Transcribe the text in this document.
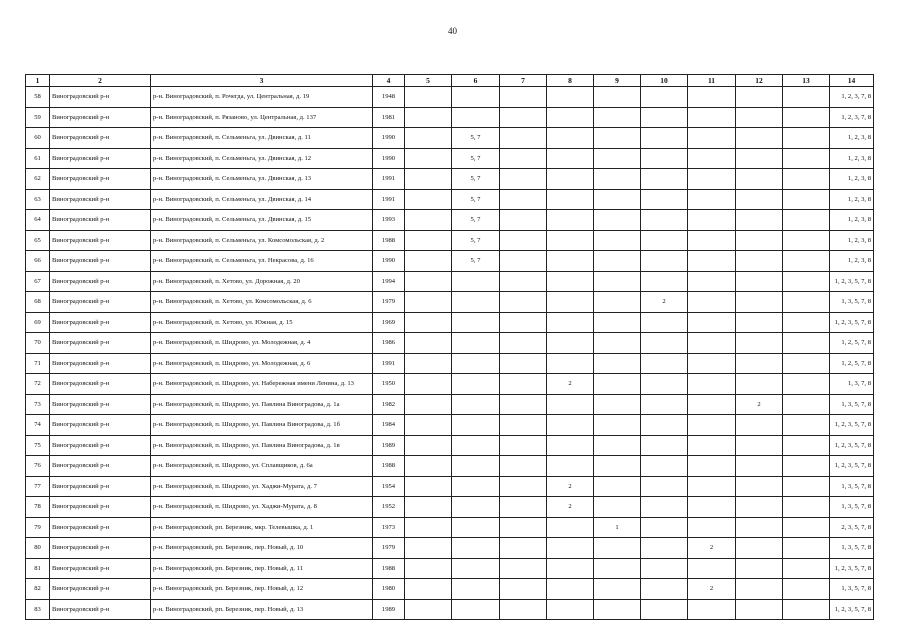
40
1	2	3	4	5	6	7	8	9	10	11	12	13	14
58	Виноградовский р-н	р-н. Виноградовский, п. Рочегда, ул. Центральная, д. 19	1948										1, 2, 3, 7, 8
59	Виноградовский р-н	р-н. Виноградовский, п. Рязаново, ул. Центральная, д. 137	1981										1, 2, 3, 7, 8
60	Виноградовский р-н	р-н. Виноградовский, п. Сельменьга, ул. Двинская, д. 11	1990		5, 7								1, 2, 3, 8
61	Виноградовский р-н	р-н. Виноградовский, п. Сельменьга, ул. Двинская, д. 12	1990		5, 7								1, 2, 3, 8
62	Виноградовский р-н	р-н. Виноградовский, п. Сельменьга, ул. Двинская, д. 13	1991		5, 7								1, 2, 3, 8
63	Виноградовский р-н	р-н. Виноградовский, п. Сельменьга, ул. Двинская, д. 14	1991		5, 7								1, 2, 3, 8
64	Виноградовский р-н	р-н. Виноградовский, п. Сельменьга, ул. Двинская, д. 15	1993		5, 7								1, 2, 3, 8
65	Виноградовский р-н	р-н. Виноградовский, п. Сельменьга, ул. Комсомольская, д. 2	1988		5, 7								1, 2, 3, 8
66	Виноградовский р-н	р-н. Виноградовский, п. Сельменьга, ул. Некрасова, д. 16	1990		5, 7								1, 2, 3, 8
67	Виноградовский р-н	р-н. Виноградовский, п. Хетово, ул. Дорожная, д. 20	1994										1, 2, 3, 5, 7, 8
68	Виноградовский р-н	р-н. Виноградовский, п. Хетово, ул. Комсомольская, д. 6	1979						2				1, 3, 5, 7, 8
69	Виноградовский р-н	р-н. Виноградовский, п. Хетово, ул. Южная, д. 15	1969										1, 2, 3, 5, 7, 8
70	Виноградовский р-н	р-н. Виноградовский, п. Шидрово, ул. Молодежная, д. 4	1986										1, 2, 5, 7, 8
71	Виноградовский р-н	р-н. Виноградовский, п. Шидрово, ул. Молодежная, д. 6	1991										1, 2, 5, 7, 8
72	Виноградовский р-н	р-н. Виноградовский, п. Шидрово, ул. Набережная имени Ленина, д. 13	1950				2						1, 3, 7, 8
73	Виноградовский р-н	р-н. Виноградовский, п. Шидрово, ул. Павлина Виноградова, д. 1а	1982								2		1, 3, 5, 7, 8
74	Виноградовский р-н	р-н. Виноградовский, п. Шидрово, ул. Павлина Виноградова, д. 1б	1984										1, 2, 3, 5, 7, 8
75	Виноградовский р-н	р-н. Виноградовский, п. Шидрово, ул. Павлина Виноградова, д. 1в	1989										1, 2, 3, 5, 7, 8
76	Виноградовский р-н	р-н. Виноградовский, п. Шидрово, ул. Сплавщиков, д. 6а	1988										1, 2, 3, 5, 7, 8
77	Виноградовский р-н	р-н. Виноградовский, п. Шидрово, ул. Хаджи-Мурата, д. 7	1954				2						1, 3, 5, 7, 8
78	Виноградовский р-н	р-н. Виноградовский, п. Шидрово, ул. Хаджи-Мурата, д. 8	1952				2						1, 3, 5, 7, 8
79	Виноградовский р-н	р-н. Виноградовский, рп. Березник, мкр. Телевышка, д. 1	1973					1					2, 3, 5, 7, 8
80	Виноградовский р-н	р-н. Виноградовский, рп. Березник, пер. Новый, д. 10	1979							2			1, 3, 5, 7, 8
81	Виноградовский р-н	р-н. Виноградовский, рп. Березник, пер. Новый, д. 11	1988										1, 2, 3, 5, 7, 8
82	Виноградовский р-н	р-н. Виноградовский, рп. Березник, пер. Новый, д. 12	1980							2			1, 3, 5, 7, 8
83	Виноградовский р-н	р-н. Виноградовский, рп. Березник, пер. Новый, д. 13	1989										1, 2, 3, 5, 7, 8
